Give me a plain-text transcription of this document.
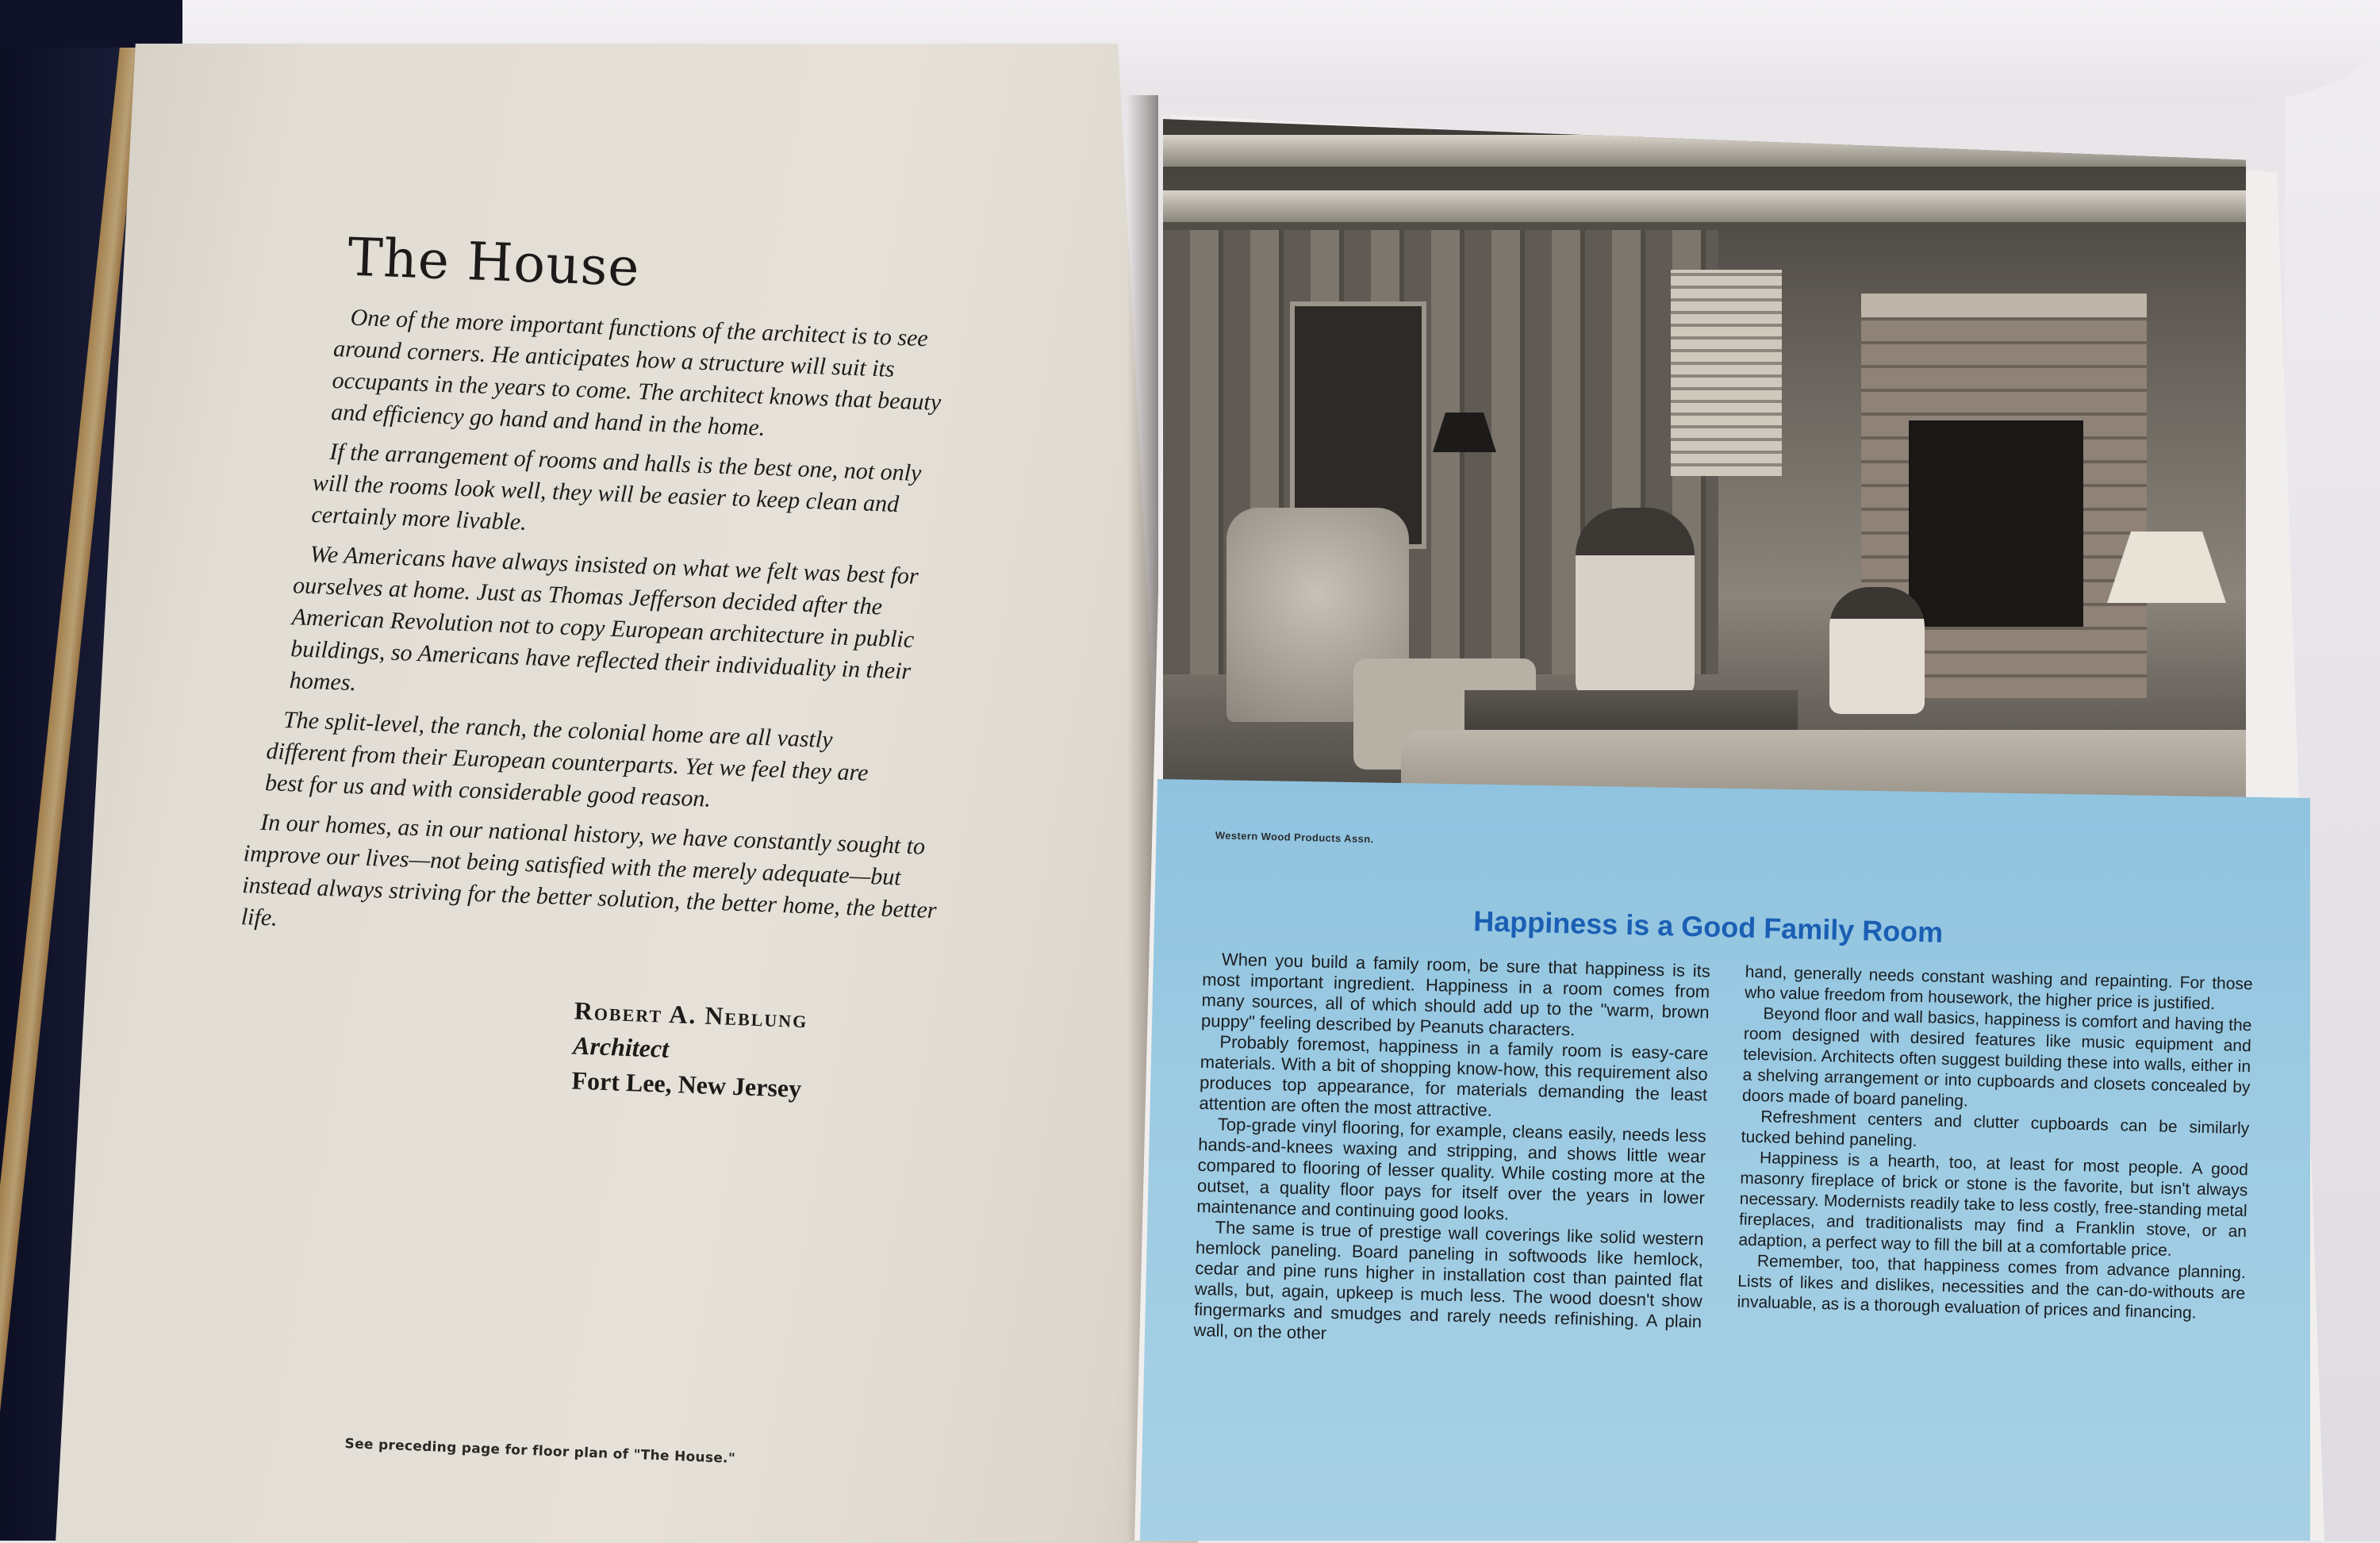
The House

One of the more important functions of the architect is to see around corners. He anticipates how a structure will suit its occupants in the years to come. The architect knows that beauty and efficiency go hand and hand in the home.

If the arrangement of rooms and halls is the best one, not only will the rooms look well, they will be easier to keep clean and certainly more livable.

We Americans have always insisted on what we felt was best for ourselves at home. Just as Thomas Jefferson decided after the American Revolution not to copy European architecture in public buildings, so Americans have reflected their individuality in their homes.

The split-level, the ranch, the colonial home are all vastly different from their European counterparts. Yet we feel they are best for us and with considerable good reason.

In our homes, as in our national history, we have constantly sought to improve our lives—not being satisfied with the merely adequate—but instead always striving for the better solution, the better home, the better life.

Robert A. Neblung
Architect
Fort Lee, New Jersey
See preceding page for floor plan of "The House."
Western Wood Products Assn.
Happiness is a Good Family Room

When you build a family room, be sure that happiness is its most important ingredient. Happiness in a room comes from many sources, all of which should add up to the "warm, brown puppy" feeling described by Peanuts characters.

Probably foremost, happiness in a family room is easy-care materials. With a bit of shopping know-how, this requirement also produces top appearance, for materials demanding the least attention are often the most attractive.

Top-grade vinyl flooring, for example, cleans easily, needs less hands-and-knees waxing and stripping, and shows little wear compared to flooring of lesser quality. While costing more at the outset, a quality floor pays for itself over the years in lower maintenance and continuing good looks.

The same is true of prestige wall coverings like solid western hemlock paneling. Board paneling in softwoods like hemlock, cedar and pine runs higher in installation cost than painted flat walls, but, again, upkeep is much less. The wood doesn't show fingermarks and smudges and rarely needs refinishing. A plain wall, on the other

hand, generally needs constant washing and repainting. For those who value freedom from housework, the higher price is justified.

Beyond floor and wall basics, happiness is comfort and having the room designed with desired features like music equipment and television. Architects often suggest building these into walls, either in a shelving arrangement or into cupboards and closets concealed by doors made of board paneling.

Refreshment centers and clutter cupboards can be similarly tucked behind paneling.

Happiness is a hearth, too, at least for most people. A good masonry fireplace of brick or stone is the favorite, but isn't always necessary. Modernists readily take to less costly, free-standing metal fireplaces, and traditionalists may find a Franklin stove, or an adaption, a perfect way to fill the bill at a comfortable price.

Remember, too, that happiness comes from advance planning. Lists of likes and dislikes, necessities and the can-do-withouts are invaluable, as is a thorough evaluation of prices and financing.
